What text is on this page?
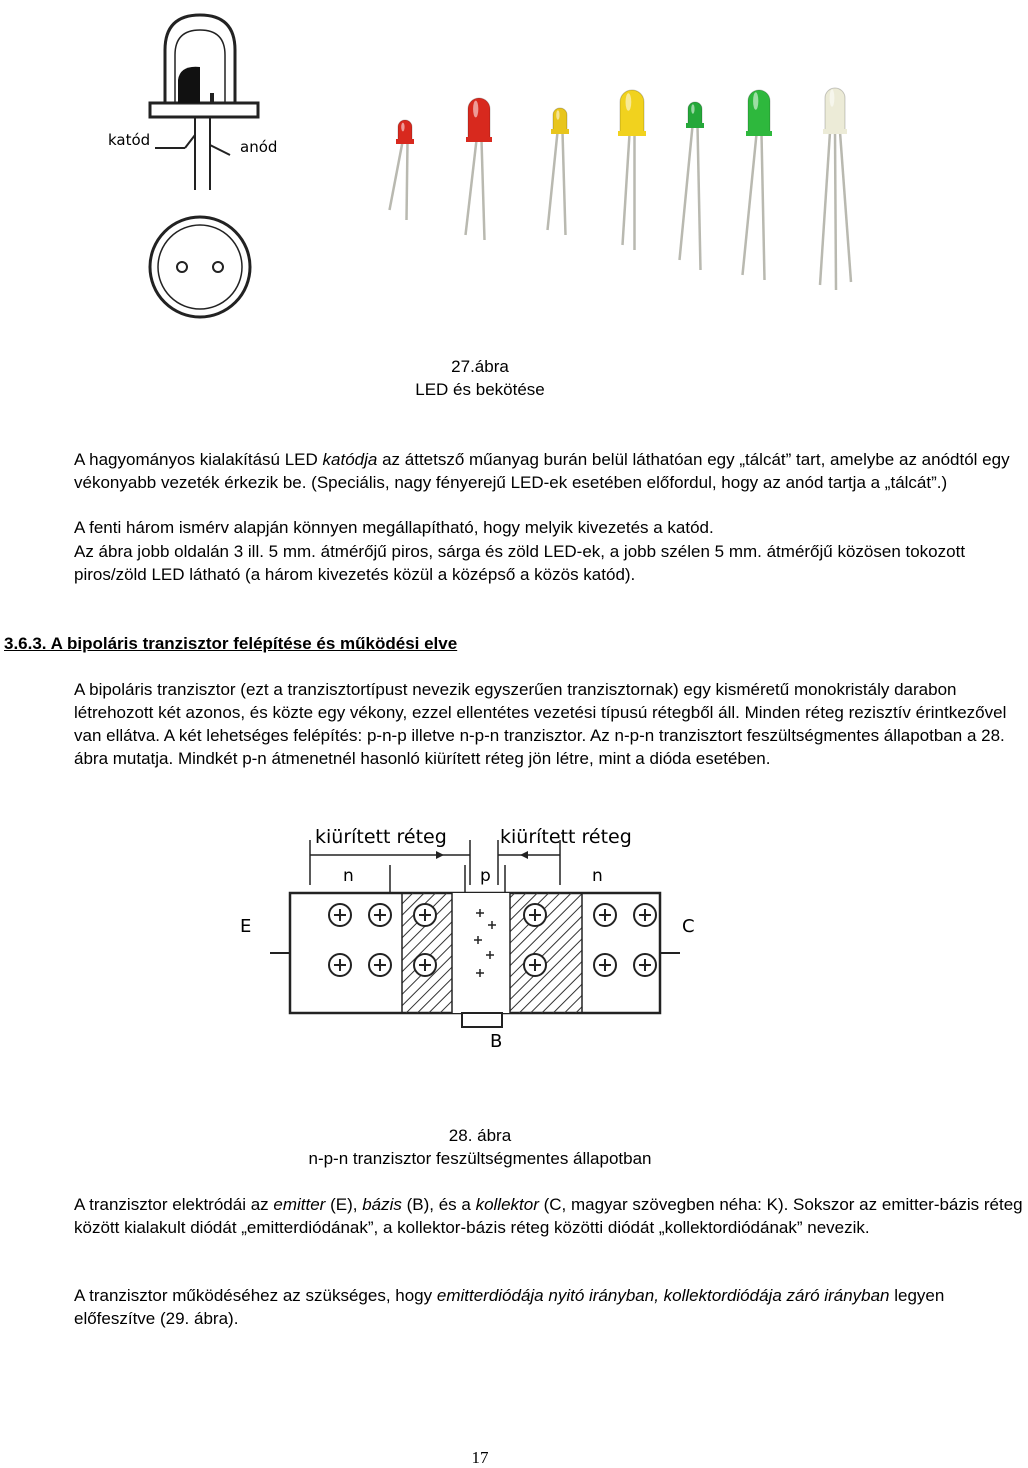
katód	anód
27.ábra
LED és bekötése
A hagyományos kialakítású LED katódja az áttetsző műanyag burán belül láthatóan egy „tálcát” tart, amelybe az anódtól egy vékonyabb vezeték érkezik be. (Speciális, nagy fényerejű LED-ek esetében előfordul, hogy az anód tartja a „tálcát”.)
A fenti három ismérv alapján könnyen megállapítható, hogy melyik kivezetés a katód.
Az ábra jobb oldalán 3 ill. 5 mm. átmérőjű piros, sárga és zöld LED-ek, a jobb szélen 5 mm. átmérőjű közösen tokozott piros/zöld LED látható (a három kivezetés közül a középső a közös katód).
3.6.3. A bipoláris tranzisztor felépítése és működési elve
A bipoláris tranzisztor (ezt a tranzisztortípust nevezik egyszerűen tranzisztornak) egy kisméretű monokristály darabon létrehozott két azonos, és közte egy vékony, ezzel ellentétes vezetési típusú rétegből áll. Minden réteg rezisztív érintkezővel van ellátva. A két lehetséges felépítés: p-n-p illetve n-p-n tranzisztor. Az n-p-n tranzisztort feszültségmentes állapotban a 28. ábra mutatja. Mindkét p-n átmenetnél hasonló kiürített réteg jön létre, mint a dióda esetében.
kiürített réteg	kiürített réteg
n	p	n
E	C
B
28. ábra
n-p-n tranzisztor feszültségmentes állapotban
A tranzisztor elektródái az emitter (E), bázis (B), és a kollektor (C, magyar szövegben néha: K). Sokszor az emitter-bázis réteg között kialakult diódát „emitterdiódának”, a kollektor-bázis réteg közötti diódát „kollektordiódának” nevezik.
A tranzisztor működéséhez az szükséges, hogy emitterdiódája nyitó irányban, kollektordiódája záró irányban legyen előfeszítve (29. ábra).
17
